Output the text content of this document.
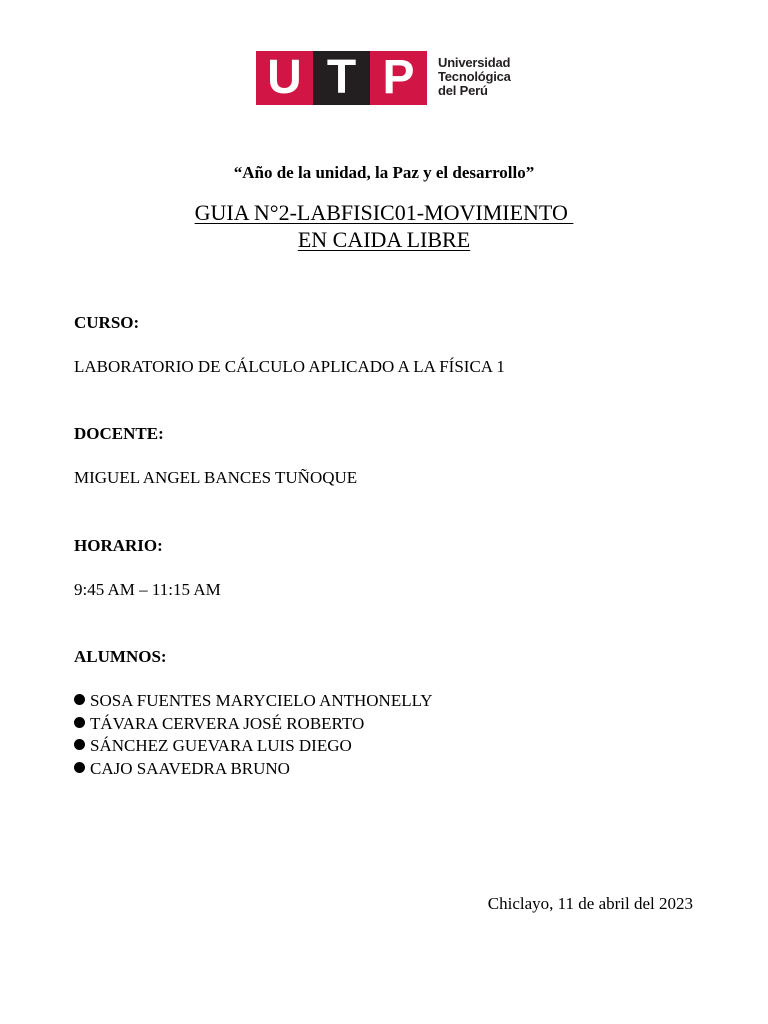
U T P	Universidad
Tecnológica
del Perú
“Año de la unidad, la Paz y el desarrollo”
GUIA N°2-LABFISIC01-MOVIMIENTO
EN CAIDA LIBRE
CURSO:
LABORATORIO DE CÁLCULO APLICADO A LA FÍSICA 1
DOCENTE:
MIGUEL ANGEL BANCES TUÑOQUE
HORARIO:
9:45 AM – 11:15 AM
ALUMNOS:
SOSA FUENTES MARYCIELO ANTHONELLY
TÁVARA CERVERA JOSÉ ROBERTO
SÁNCHEZ GUEVARA LUIS DIEGO
CAJO SAAVEDRA BRUNO
Chiclayo, 11 de abril del 2023
